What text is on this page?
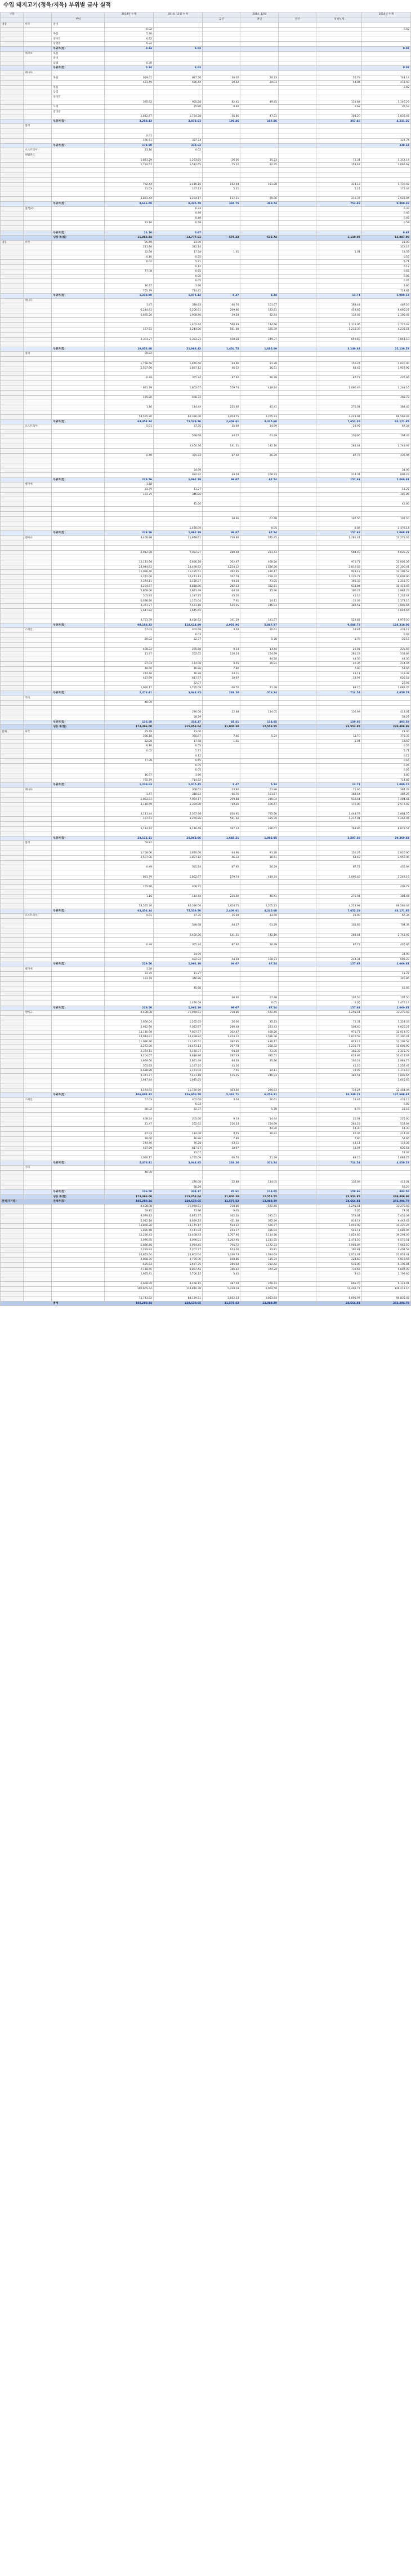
수입 돼지고기(정육/지육) 부위별 금사 실적
구분			2014년 누계	2014. 11월 누계		2014. 12월			2014년 누계
		부위			금년	결년	전년	일평누계	
냉장	미국	갈비							
			0.02						0.02
		목살	5.38						
		앞다리	0.92						
		삼겹살	0.32						
		부위계(합)	0.34	8.03					0.02
	멕시코	목살							
		갈비							
		삼겹	0.30						
		부위계(합)	0.34	8.03					0.02
	캐나다								
		목살	619.01	887.56	30.02	26.23		56.78	744.14
			431.49	426.44	20.62	24.03		44.04	473.49
		목심							2.82
		삼겹							
		앞다리							
			385.82	965.58	82.41	49.45		131.84	1,146.29
		사태		25.80	0.62			0.62	35.53
		갈비살							
			1,812.67	1,734.28	56.86	47.31		104.20	1,838.47
		부위계(합)	3,258.43	3,873.63	190.46	167.86		357.46	4,231.26
	칠레								

			0.01						
			166.51	327.74					327.74
		부위계(합)	174.90	338.63					338.63
	오스트리아		23.16	0.02					
	네덜란드								
			1,823.29	1,293.65	26.06	35.23		71.31	1,312.14
			1,782.57	1,512.65	75.12	82.35		153.47	1,665.62

			762.44	1,416.15	162.04	151.08		314.13	1,730.48
			31.03	167.23	5.21			5.21	172.44

			3,823.44	3,264.17	112.31	99.06		210.37	3,528.04
		부위계(합)	8,646.09	8,335.79	384.75	368.74		753.49	9,380.38
	칠레(2)			6.33					6.33
				0.49					0.49
				0.49					0.49
			23.16	0.59					0.59

		부위계(합)	23.16	0.67					0.67
		냉장 계(합)	11,883.94	12,777.61	575.22	535.74		1,110.95	13,887.90
냉동	미국		25.49	23.00					23.00
			211.88	312.14					312.14
			22.98	17.58	1.01			1.01	18.59
			0.10	0.55					0.55
			0.02	5.71					5.71
				0.12					0.12
			77.08	0.65					0.65
				0.05					0.05
				0.05					0.05
			16.97	3.80					3.80
			765.79	714.82					714.82
		부위계(합)	1,238.09	1,075.42	8.47	5.24		13.71	1,089.13
	캐나다								
			1.47	318.83	66.76	101.67		168.44	487.26
			6,244.81	6,206.61	269.86	183.81		453.66	6,660.27
			2,685.20	1,968.46	39.58	82.44		132.02	2,100.48

				1,402.44	568.49	744.46		1,312.95	2,715.42
			157.61	3,244.06	561.00	335.39		1,216.39	4,231.51

			3,301.77	6,382.21	410.28	249.37		659.65	7,041.10

		부위계(합)	19,853.88	21,988.43	1,454.75	1,695.09		3,149.84	25,138.57
	칠레		59.82						

			1,758.66	1,870.66	64.96	91.28		156.24	2,026.90
			2,507.96	1,887.12	46.12	16.51		68.42	1,957.96

			0.49	355.24	87.92	26.29		87.72	435.94

			881.79	1,862.67	579.74	419.74		1,096.49	3,248.16

			155.80	408.72					408.72

			1.16	114.44	225.60	45.41		270.01	384.45

			58,555.70	62,330.00	1,954.75	2,205.73		4,223.94	66,569.44
		부위계(합)	63,454.24	75,539.56	2,406.61	4,245.68		7,652.29	83,171.85
	오스트리아		5.01	37.35	15.00	14.99		29.99	67.34

				598.68	44.27	61.29		105.66	704.34

				2,460.36	141.51	142.10		283.61	2,743.97

			0.49	355.24	87.92	26.29		87.72	435.94

				34.99					34.99
				482.92	44.58	168.73		214.31	698.23
		부위계(합)	229.56	1,962.19	96.07	67.54		157.62	2,069.81
	벨기에		1.58						
			33.79	11.27					11.27
			183.79	346.86					346.86

				45.66					45.66

					38.66	67.48		107.50	107.50

				1,476.09		0.05		0.05	1,476.14
		부위계(합)	229.56	1,962.19	96.07	67.54		157.62	2,069.81
	덴마크		8,408.88	11,978.61	718.86	572.45		1,291.41	13,270.03

			6,912.98	7,022.87	280.48	223.43		504.40	9,026.27

			12,113.98	6,686.28	302.47	468.26		971.77	11,002.39
			24,944.81	24,498.82	1,224.12	1,586.36		2,810.58	27,300.41
			11,086.46	11,185.51	492.95	430.17		923.12	12,108.52
			5,272.06	10,473.13	707.78	258.32		1,235.77	11,608.90
			2,374.11	2,150.37	94.28	71.05		165.33	2,315.70
			8,204.67	8,818.86	282.33	332.51		614.84	10,413.49
			2,869.06	2,881.49	64.28	35.96		100.24	2,981.73
			505.83	1,187.25	45.16			45.16	1,232.47
			6,638.80	1,151.04	7.91	14.11		12.03	1,173.10
			4,371.77	7,421.18	135.55	246.93		382.51	7,803.64
			1,647.84	1,645.65					1,645.65

			4,751.39	8,456.63	341.29	181.57		522.87	8,979.50
		부위계(합)	98,158.33	118,614.99	4,958.96	5,887.57		9,586.72	128,318.09
	스페인		57.03	402.68	3.04	20.61		28.44	431.12
				6.03					6.03
			80.02	22.37		5.78		5.78	28.15

			408.24	205.60	9.14	14.44		20.01	225.60
			11.47	252.62	126.24	154.99		281.23	533.84
						44.30		44.30	44.30
			87.03	174.08	9.55	30.81		40.36	214.44
			18.60	46.86	7.80			7.80	54.66
			274.46	76.28	43.11			43.11	119.38
			487.69	617.57	18.97			18.97	636.54
				22.07					22.07
			1,080.17	1,795.09	66.76	21.39		88.15	1,883.25
		부위계(합)	2,476.41	3,944.85	238.30	376.24		714.54	4,659.57
	기타								
			46.99						

				276.08	22.88	114.05		136.93	413.01
				58.29					58.29
		부위계(합)	136.58	334.37	45.61	114.05		159.66	493.58
		냉동 계(합)	173,396.00	215,853.04	11,000.30	12,553.55		23,553.85	239,406.89
전체	미국		25.49	23.00					23.00
			286.18	365.67	7.46	5.24		12.70	378.37
			22.98	17.58	1.01			1.01	18.59
			0.10	0.55					0.55
			0.02	5.71					5.71
				0.12					0.12
			77.08	0.65					0.65
				0.05					0.05
				0.05					0.05
			16.97	3.80					3.80
			765.79	714.82					714.82
		부위계(합)	1,239.63	1,075.45	8.47	5.24		13.71	1,089.15
	캐나다			308.62	23.80	51.86		75.66	384.28
			1.47	318.83	66.76	101.67		168.44	487.26
			6,863.81	7,094.17	299.88	210.04		510.44	7,404.41
			3,116.69	2,394.90	60.20	106.47		176.06	2,573.97

			4,111.44	2,367.98	650.91	793.90		1,444.78	3,864.70
			157.61	3,269.86	561.62	335.39		1,217.01	4,267.04

			5,114.43	8,116.49	467.14	296.67		763.85	8,879.57

		부위계(합)	23,112.31	25,862.06	1,645.21	1,862.95		3,507.30	29,369.83
	칠레		59.82						

			1,758.66	1,870.66	64.96	91.28		156.24	2,026.90
			2,507.96	1,887.12	46.12	16.51		68.42	1,957.96

			0.49	355.24	87.92	26.29		87.72	435.94

			881.79	1,862.67	579.74	419.74		1,096.49	3,248.16

			155.80	408.72					408.72

			1.16	114.44	225.60	45.41		270.01	384.45

			58,555.70	62,330.00	1,954.75	2,205.73		4,223.94	66,569.44
		부위계(합)	63,454.24	75,539.56	2,406.61	4,245.68		7,652.29	83,171.85
	오스트리아		5.01	37.35	15.00	14.99		29.99	67.34

				598.68	44.27	61.29		105.66	704.34

				2,460.36	141.51	142.10		283.61	2,743.97

			0.49	355.24	87.92	26.29		87.72	435.94

				34.99					34.99
				482.92	44.58	168.73		214.31	698.23
		부위계(합)	229.56	1,962.19	96.07	67.54		157.62	2,069.81
	벨기에		1.58						
			33.79	11.27					11.27
			183.79	346.86					346.86

				45.66					45.66

					38.66	67.48		107.50	107.50
				1,476.09		0.05		0.05	1,476.14
		부위계(합)	229.56	1,962.19	96.07	67.54		157.62	2,069.81
	덴마크		8,408.88	11,978.61	718.86	572.45		1,291.41	13,270.03

			1,666.04	1,292.65	26.06	35.23		71.31	1,324.33
			6,912.98	7,022.87	280.48	223.43		504.40	9,026.27
			13,110.98	7,697.57	302.47	468.26		971.77	12,013.70
			24,944.81	24,498.82	1,224.12	1,586.36		2,810.58	27,300.41
			11,086.46	11,185.51	492.95	430.17		923.12	12,108.52
			5,272.06	10,473.13	707.78	258.32		1,235.77	11,608.90
			2,374.11	2,150.37	94.28	71.05		165.33	2,315.70
			8,204.67	8,818.86	282.33	332.51		614.84	10,413.49
			2,869.06	2,881.49	64.28	35.96		100.24	2,981.73
			505.83	1,187.25	45.16			45.16	1,232.47
			6,638.80	1,151.04	7.91	14.11		12.03	1,173.10
			4,371.77	7,421.18	135.55	246.93		382.51	7,803.64
			1,647.84	1,645.65					1,645.65

			8,574.83	11,720.80	453.60	280.63		733.24	12,454.04
		부위계(합)	106,804.42	126,950.78	5,343.71	6,256.31		10,340.21	137,698.47
	스페인		57.03	402.68	3.04	20.61		28.44	431.12
				6.03					6.03
			80.02	22.37		5.78		5.78	28.15

			408.24	205.60	9.14	14.44		20.01	225.60
			11.47	252.62	126.24	154.99		281.23	533.84
						44.30		44.30	44.30
			87.03	174.08	9.55	30.81		40.36	214.44
			18.60	46.86	7.80			7.80	54.66
			274.46	76.28	43.11			43.11	119.38
			487.69	617.57	18.97			18.97	636.54
				22.07					22.07
			1,080.17	1,795.09	66.76	21.39		88.15	1,883.25
		부위계(합)	2,476.41	3,944.85	238.30	376.24		714.54	4,659.57
	기타								
			46.99						

				276.08	22.88	114.05		136.93	413.01
				58.29					58.29
		부위계(합)	136.58	334.37	45.61	114.05		159.66	493.58
		냉동 계(합)	173,396.00	215,853.04	11,000.30	12,553.55		23,553.85	239,406.89
전체(국가별)		전체계(합)	185,280.34	228,630.65	11,575.52	13,089.29		24,664.81	253,294.79
			8,408.88	11,978.61	718.86	572.45		1,291.41	13,270.03
			59.82	73.96	0.05			0.05	74.01
			8,079.83	6,873.37	342.50	235.51		578.01	7,451.38
			6,012.18	8,629.25	421.68	392.49		814.17	9,443.42
			13,866.26	13,175.17	524.32	526.77		1,051.09	14,226.26
			1,826.48	2,141.94	254.17	286.94		541.11	2,683.05
			35,286.43	35,468.43	1,707.90	2,114.76		3,822.66	39,291.09
			2,076.85	4,096.01	1,262.95	1,211.55		2,474.50	6,570.51
			1,826.46	5,994.45	795.72	1,172.33		1,968.05	7,962.50
			2,293.93	2,207.77	103.00	93.81		196.81	2,404.58
			20,863.54	20,802.04	1,036.74	1,014.63		2,051.37	22,853.41
			3,868.76	3,795.06	108.86	115.74		224.60	4,019.66
			525.83	5,677.75	285.64	232.42		518.06	6,195.81
			7,118.55	8,867.43	365.42	374.24		739.66	9,607.09
			1,655.41	1,706.15	3.45			3.45	1,709.60

			6,668.99	8,458.15	387.04	278.72		665.76	9,123.91
			100,665.44	114,810.39	5,338.18	6,064.59		11,402.77	126,213.16

			75,743.82	84,139.51	3,842.33	2,853.64		6,695.97	90,835.48
		총계	185,280.34	228,630.65	11,575.52	13,089.29		24,664.81	253,294.79
